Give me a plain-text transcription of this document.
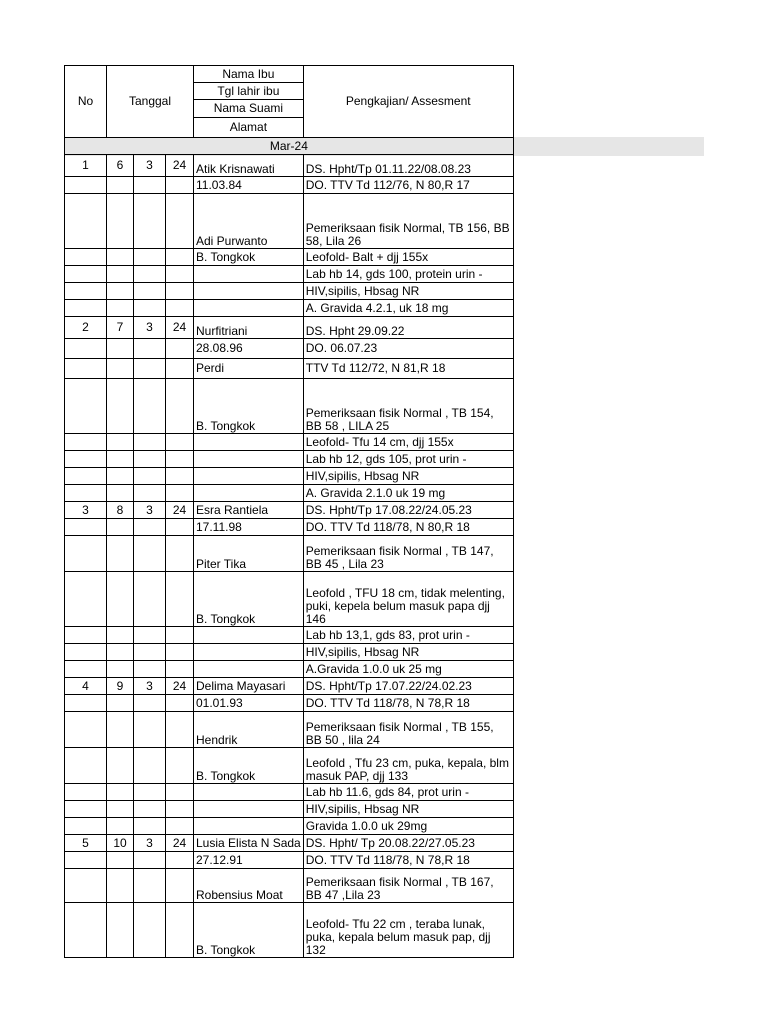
No	Tanggal			Nama Ibu	Pengkajian/ Assesment
				Tgl lahir ibu	
				Nama Suami	
				Alamat	
Mar-24					
1	6	3	24	Atik Krisnawati	DS. Hpht/Tp 01.11.22/08.08.23
				11.03.84	DO. TTV Td 112/76, N 80,R 17
				Adi Purwanto	Pemeriksaan fisik Normal, TB 156, BB 58, Lila 26
				B. Tongkok	Leofold- Balt + djj 155x
					Lab hb 14, gds 100, protein urin -
					HIV,sipilis, Hbsag NR
					A. Gravida 4.2.1, uk 18 mg
2	7	3	24	Nurfitriani	DS. Hpht 29.09.22
				28.08.96	DO. 06.07.23
				Perdi	TTV Td 112/72, N 81,R 18
				B. Tongkok	Pemeriksaan fisik Normal , TB 154, BB 58 , LILA 25
					Leofold- Tfu 14 cm, djj 155x
					Lab hb 12, gds 105, prot urin -
					HIV,sipilis, Hbsag NR
					A. Gravida 2.1.0 uk 19 mg
3	8	3	24	Esra Rantiela	DS. Hpht/Tp 17.08.22/24.05.23
				17.11.98	DO. TTV Td 118/78, N 80,R 18
				Piter Tika	Pemeriksaan fisik Normal , TB 147, BB 45 , Lila 23
				B. Tongkok	Leofold , TFU 18 cm, tidak melenting, puki, kepela belum masuk papa djj 146
					Lab hb 13,1, gds 83, prot urin -
					HIV,sipilis, Hbsag NR
					A.Gravida 1.0.0 uk 25 mg
4	9	3	24	Delima Mayasari	DS. Hpht/Tp 17.07.22/24.02.23
				01.01.93	DO. TTV Td 118/78, N 78,R 18
				Hendrik	Pemeriksaan fisik Normal , TB 155, BB 50 , lila 24
				B. Tongkok	Leofold , Tfu 23 cm, puka, kepala, blm masuk PAP, djj 133
					Lab hb 11.6, gds 84, prot urin -
					HIV,sipilis, Hbsag NR
					Gravida 1.0.0 uk 29mg
5	10	3	24	Lusia Elista N Sada	DS. Hpht/ Tp 20.08.22/27.05.23
				27.12.91	DO. TTV Td 118/78, N 78,R 18
				Robensius Moat	Pemeriksaan fisik Normal , TB 167, BB 47 ,Lila 23
				B. Tongkok	Leofold- Tfu 22 cm , teraba lunak, puka, kepala belum masuk pap, djj 132
